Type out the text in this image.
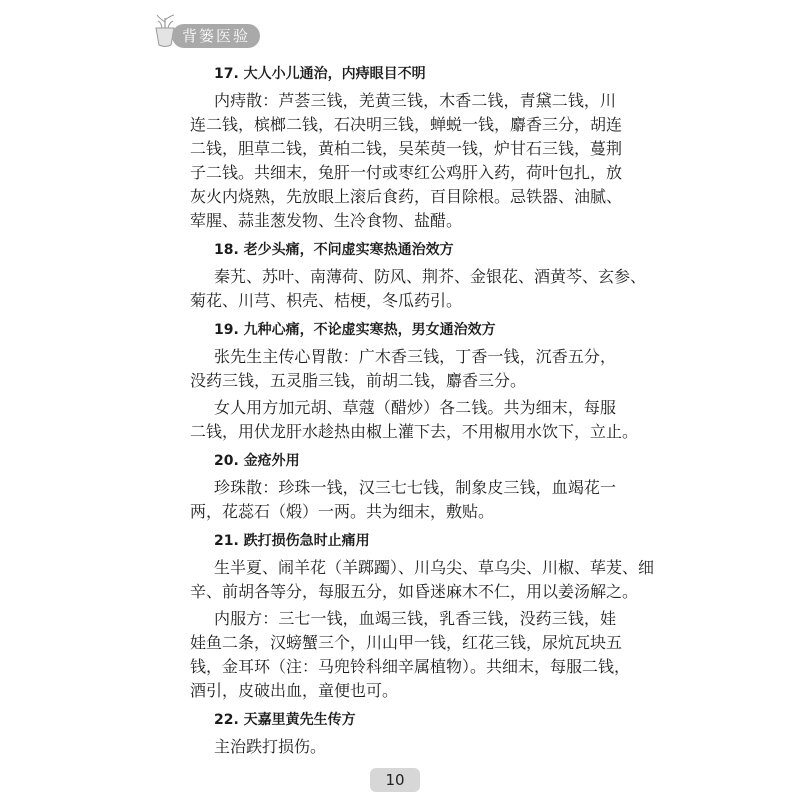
背篓医验
17. 大人小儿通治，内痔眼目不明
内痔散：芦荟三钱，羌黄三钱，木香二钱，青黛二钱，川
连二钱，槟榔二钱，石决明三钱，蝉蜕一钱，麝香三分，胡连
二钱，胆草二钱，黄柏二钱，吴茱萸一钱，炉甘石三钱，蔓荆
子二钱。共细末，兔肝一付或枣红公鸡肝入药，荷叶包扎，放
灰火内烧熟，先放眼上滚后食药，百目除根。忌铁器、油腻、
荤腥、蒜韭葱发物、生冷食物、盐醋。
18. 老少头痛，不问虚实寒热通治效方
秦艽、苏叶、南薄荷、防风、荆芥、金银花、酒黄芩、玄参、
菊花、川芎、枳壳、桔梗，冬瓜药引。
19. 九种心痛，不论虚实寒热，男女通治效方
张先生主传心胃散：广木香三钱，丁香一钱，沉香五分，
没药三钱，五灵脂三钱，前胡二钱，麝香三分。
女人用方加元胡、草蔻（醋炒）各二钱。共为细末，每服
二钱，用伏龙肝水趁热由椒上灌下去，不用椒用水饮下，立止。
20. 金疮外用
珍珠散：珍珠一钱，汉三七七钱，制象皮三钱，血竭花一
两，花蕊石（煅）一两。共为细末，敷贴。
21. 跌打损伤急时止痛用
生半夏、闹羊花（羊踯躅）、川乌尖、草乌尖、川椒、荜茇、细
辛、前胡各等分，每服五分，如昏迷麻木不仁，用以姜汤解之。
内服方：三七一钱，血竭三钱，乳香三钱，没药三钱，娃
娃鱼二条，汉螃蟹三个，川山甲一钱，红花三钱，尿炕瓦块五
钱，金耳环（注：马兜铃科细辛属植物）。共细末，每服二钱，
酒引，皮破出血，童便也可。
22. 天嘉里黄先生传方
主治跌打损伤。
10
